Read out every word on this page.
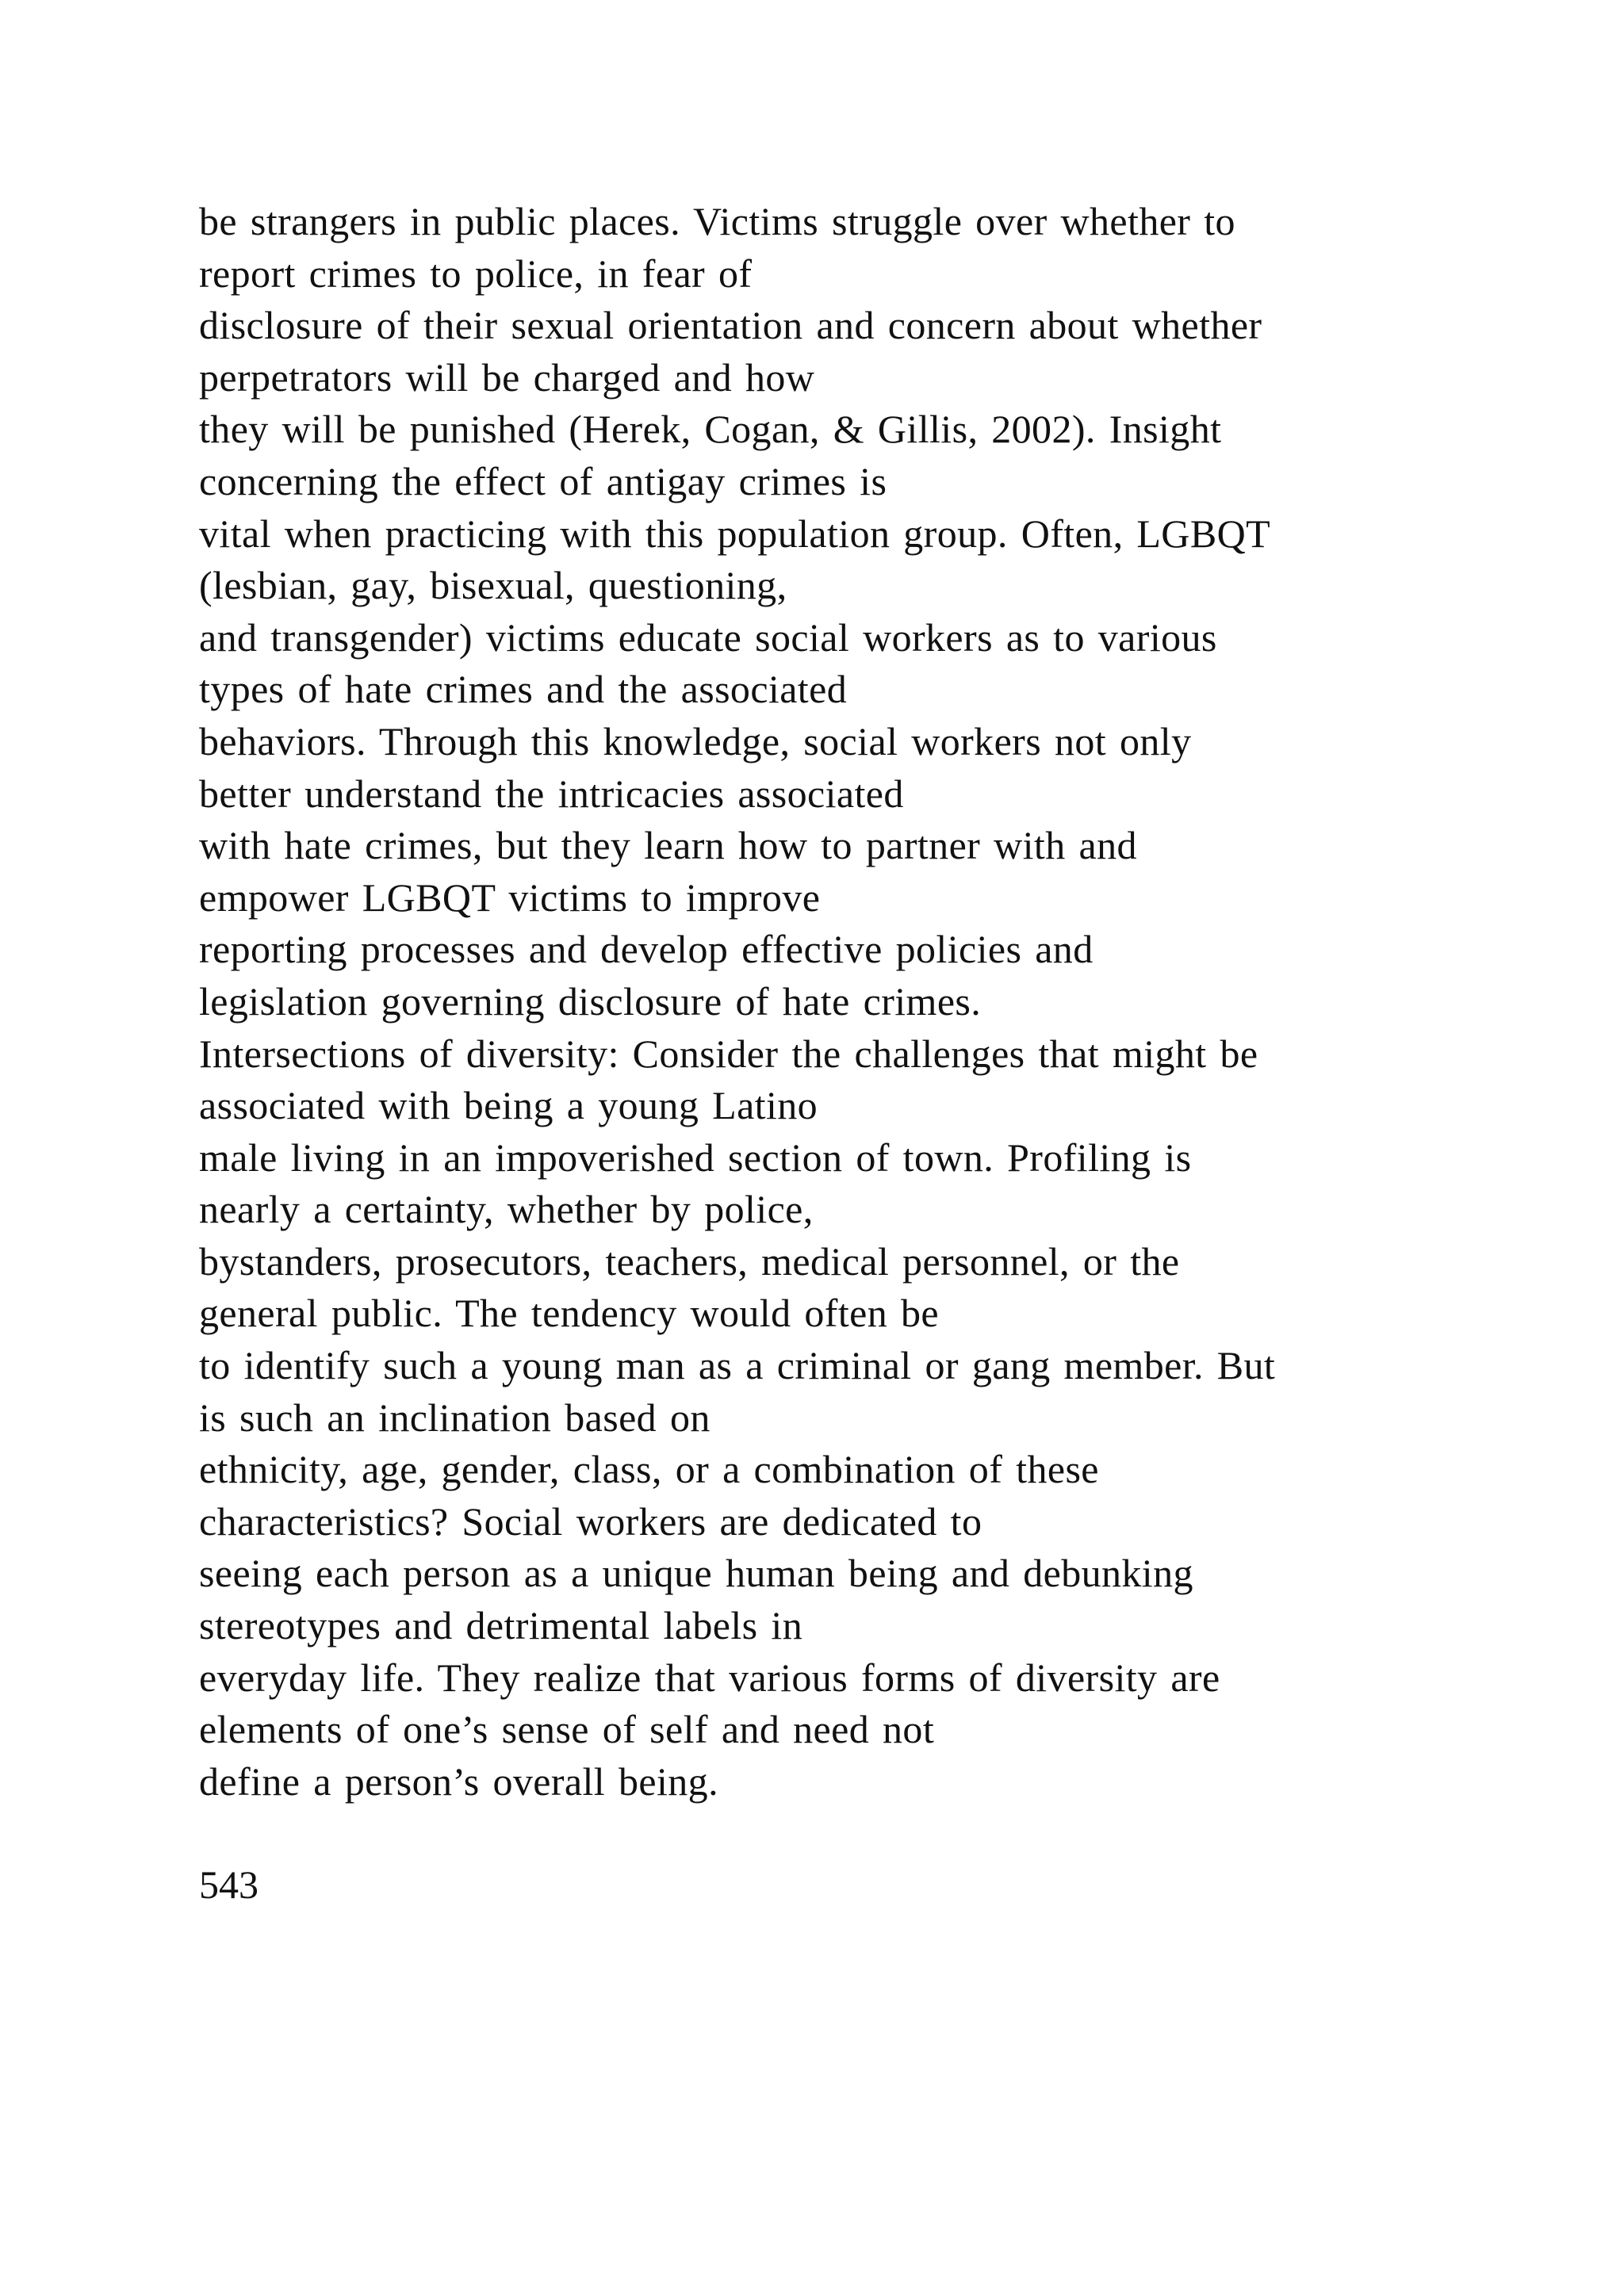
be strangers in public places. Victims struggle over whether to
report crimes to police, in fear of
disclosure of their sexual orientation and concern about whether
perpetrators will be charged and how
they will be punished (Herek, Cogan, & Gillis, 2002). Insight
concerning the effect of antigay crimes is
vital when practicing with this population group. Often, LGBQT
(lesbian, gay, bisexual, questioning,
and transgender) victims educate social workers as to various
types of hate crimes and the associated
behaviors. Through this knowledge, social workers not only
better understand the intricacies associated
with hate crimes, but they learn how to partner with and
empower LGBQT victims to improve
reporting processes and develop effective policies and
legislation governing disclosure of hate crimes.
Intersections of diversity: Consider the challenges that might be
associated with being a young Latino
male living in an impoverished section of town. Profiling is
nearly a certainty, whether by police,
bystanders, prosecutors, teachers, medical personnel, or the
general public. The tendency would often be
to identify such a young man as a criminal or gang member. But
is such an inclination based on
ethnicity, age, gender, class, or a combination of these
characteristics? Social workers are dedicated to
seeing each person as a unique human being and debunking
stereotypes and detrimental labels in
everyday life. They realize that various forms of diversity are
elements of one’s sense of self and need not
define a person’s overall being.

543
